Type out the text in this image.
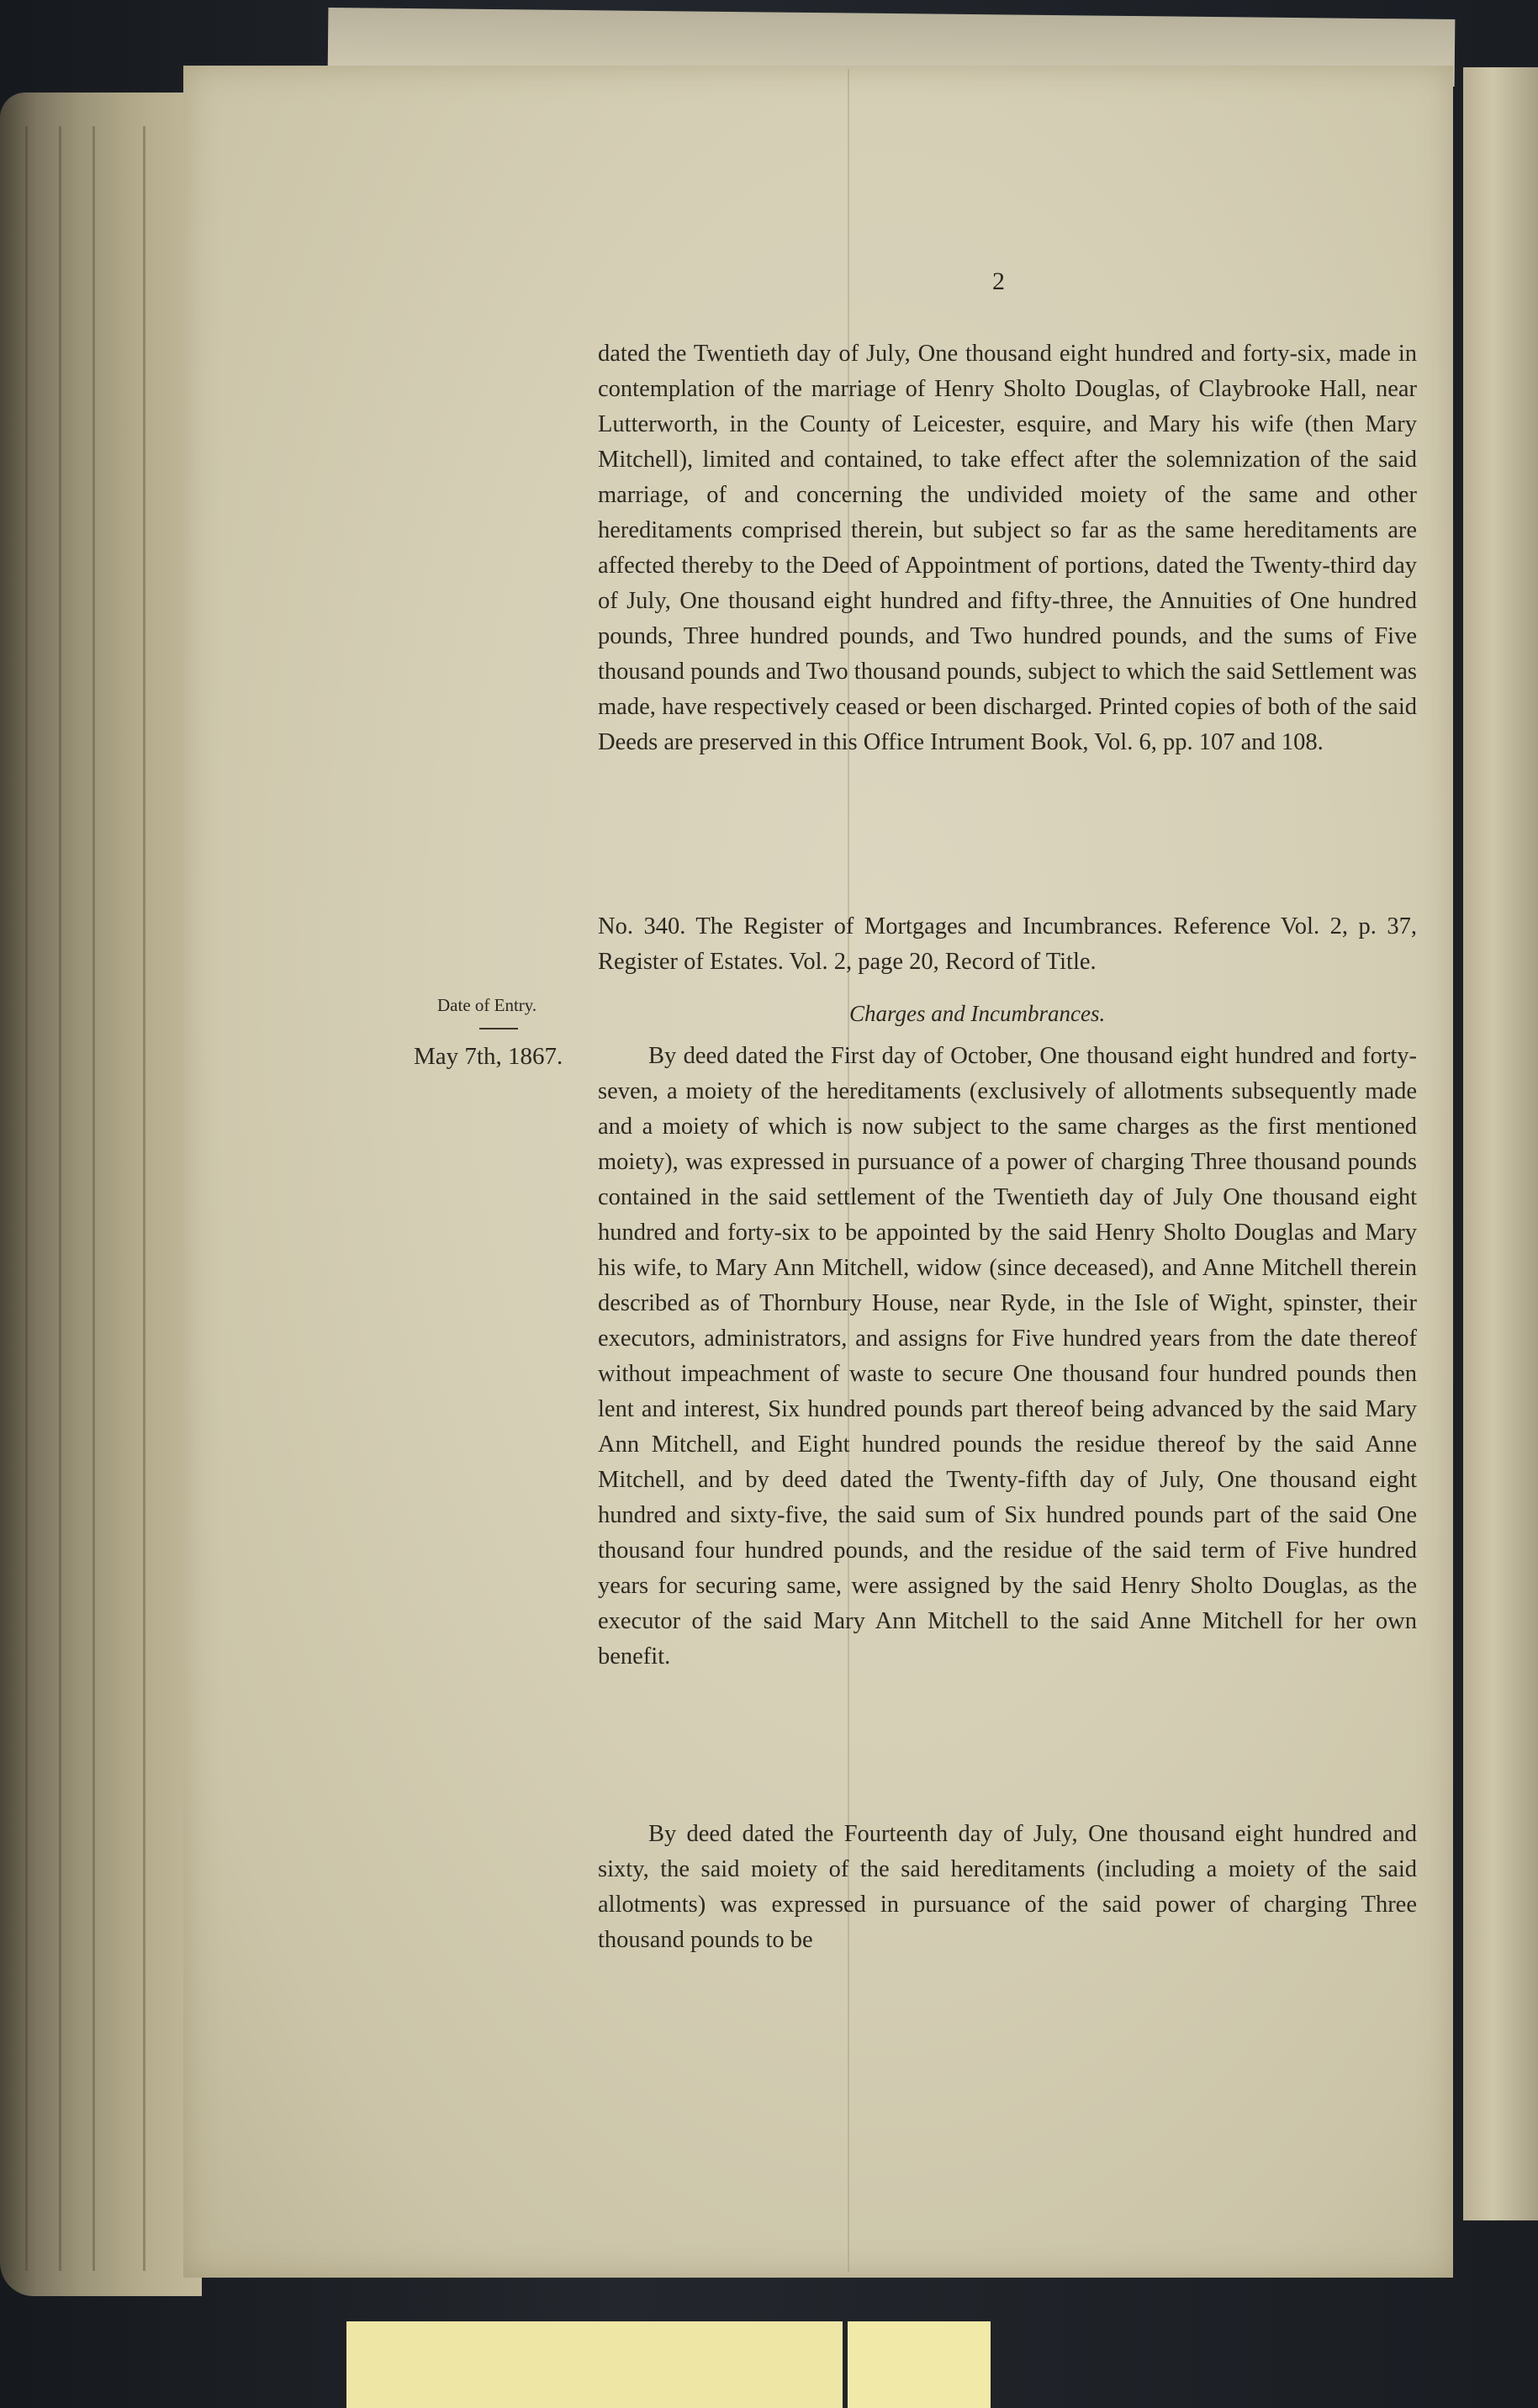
2

dated the Twentieth day of July, One thousand eight hundred and forty-six, made in contemplation of the marriage of Henry Sholto Douglas, of Claybrooke Hall, near Lutterworth, in the County of Leicester, esquire, and Mary his wife (then Mary Mitchell), limited and contained, to take effect after the solemnization of the said marriage, of and concerning the undivided moiety of the same and other hereditaments comprised therein, but subject so far as the same hereditaments are affected thereby to the Deed of Appointment of portions, dated the Twenty-third day of July, One thousand eight hundred and fifty-three, the Annuities of One hundred pounds, Three hundred pounds, and Two hundred pounds, and the sums of Five thousand pounds and Two thousand pounds, subject to which the said Settlement was made, have respectively ceased or been discharged. Printed copies of both of the said Deeds are preserved in this Office Intrument Book, Vol. 6, pp. 107 and 108.

No. 340. The Register of Mortgages and Incumbrances. Reference Vol. 2, p. 37, Register of Estates. Vol. 2, page 20, Record of Title.

Date of Entry.	Charges and Incumbrances.
May 7th, 1867.	By deed dated the First day of October, One thousand eight hundred and forty-seven, a moiety of the hereditaments (exclusively of allotments subsequently made and a moiety of which is now subject to the same charges as the first mentioned moiety), was expressed in pursuance of a power of charging Three thousand pounds contained in the said settlement of the Twentieth day of July One thousand eight hundred and forty-six to be appointed by the said Henry Sholto Douglas and Mary his wife, to Mary Ann Mitchell, widow (since deceased), and Anne Mitchell therein described as of Thornbury House, near Ryde, in the Isle of Wight, spinster, their executors, administrators, and assigns for Five hundred years from the date thereof without impeachment of waste to secure One thousand four hundred pounds then lent and interest, Six hundred pounds part thereof being advanced by the said Mary Ann Mitchell, and Eight hundred pounds the residue thereof by the said Anne Mitchell, and by deed dated the Twenty-fifth day of July, One thousand eight hundred and sixty-five, the said sum of Six hundred pounds part of the said One thousand four hundred pounds, and the residue of the said term of Five hundred years for securing same, were assigned by the said Henry Sholto Douglas, as the executor of the said Mary Ann Mitchell to the said Anne Mitchell for her own benefit.

By deed dated the Fourteenth day of July, One thousand eight hundred and sixty, the said moiety of the said hereditaments (including a moiety of the said allotments) was expressed in pursuance of the said power of charging Three thousand pounds to be
